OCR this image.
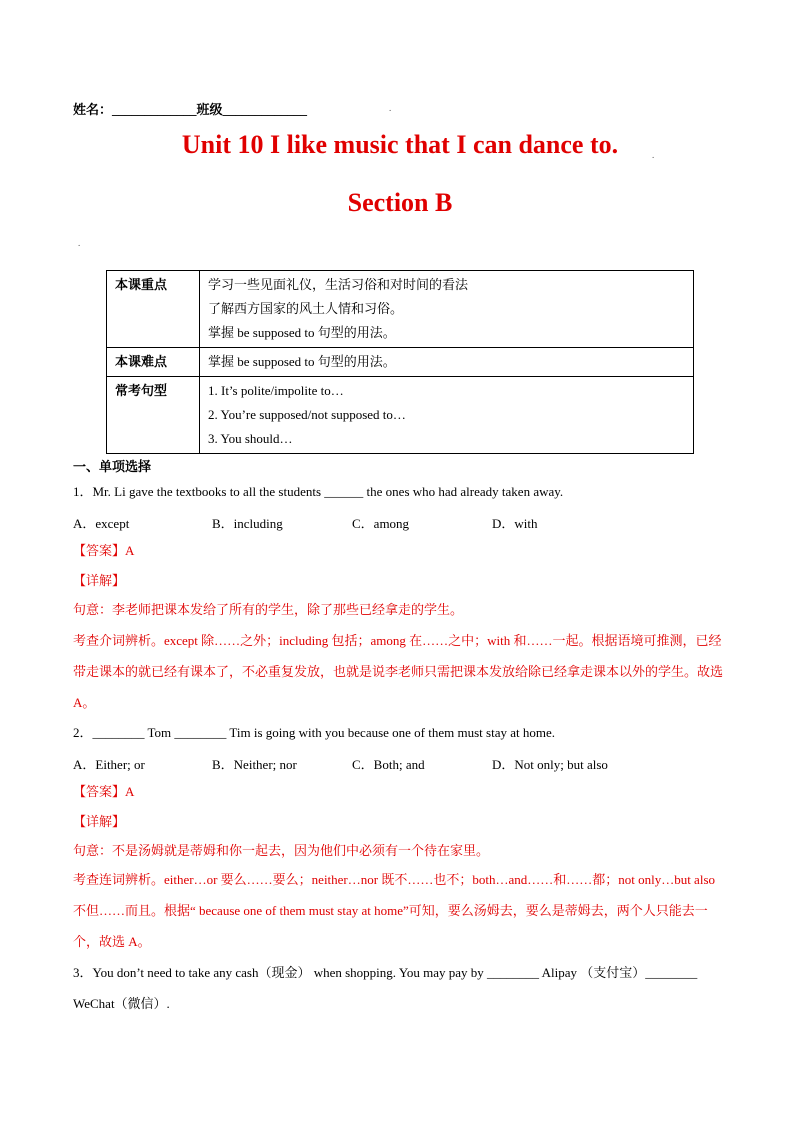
姓名：_____________班级_____________	.
Unit 10 I like music that I can dance to.	.
Section B
.
本课重点	学习一些见面礼仪，生活习俗和对时间的看法
了解西方国家的风土人情和习俗。
掌握 be supposed to 句型的用法。

本课难点	掌握 be supposed to 句型的用法。

常考句型	1. It’s polite/impolite to…
2. You’re supposed/not supposed to…
3. You should…
一、单项选择
1．Mr. Li gave the textbooks to all the students ______ the ones who had already taken away.
A．except	B．including	C．among	D．with
【答案】A
【详解】
句意：李老师把课本发给了所有的学生，除了那些已经拿走的学生。
考查介词辨析。except 除……之外；including 包括；among 在……之中；with 和……一起。根据语境可推测，已经带走课本的就已经有课本了，不必重复发放，也就是说李老师只需把课本发放给除已经拿走课本以外的学生。故选 A。
2．________ Tom ________ Tim is going with you because one of them must stay at home.
A．Either; or	B．Neither; nor	C．Both; and	D．Not only; but also
【答案】A
【详解】
句意：不是汤姆就是蒂姆和你一起去，因为他们中必须有一个待在家里。
考查连词辨析。either…or 要么……要么；neither…nor 既不……也不；both…and……和……都；not only…but also 不但……而且。根据“ because one of them must stay at home”可知，要么汤姆去，要么是蒂姆去，两个人只能去一个，故选 A。
3．You don’t need to take any cash（现金） when shopping. You may pay by ________ Alipay （支付宝）________ WeChat（微信）.
